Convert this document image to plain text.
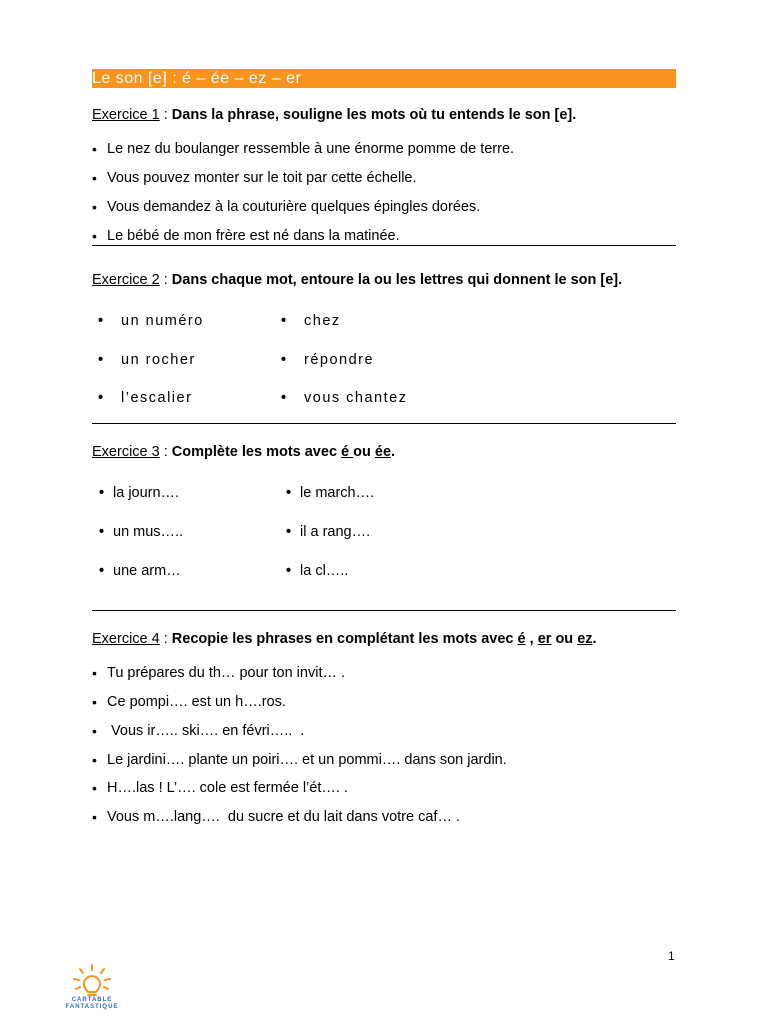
Le son [e] : é – ée – ez – er
Exercice 1 : Dans la phrase, souligne les mots où tu entends le son [e].
• Le nez du boulanger ressemble à une énorme pomme de terre.
• Vous pouvez monter sur le toit par cette échelle.
• Vous demandez à la couturière quelques épingles dorées.
• Le bébé de mon frère est né dans la matinée.
Exercice 2 : Dans chaque mot, entoure la ou les lettres qui donnent le son [e].
• un numéro
• un rocher
• l’escalier
• chez
• répondre
• vous chantez
Exercice 3 : Complète les mots avec é ou ée.
• la journ….
• un mus…..
• une arm…
• le march….
• il a rang….
• la cl…..
Exercice 4 : Recopie les phrases en complétant les mots avec é , er ou ez.
• Tu prépares du th… pour ton invit… .
• Ce pompi…. est un h….ros.
• Vous ir….. ski…. en févri…..  .
• Le jardini…. plante un poiri…. et un pommi…. dans son jardin.
• H….las ! L’…. cole est fermée l’ét…. .
• Vous m….lang….  du sucre et du lait dans votre caf… .
1
CARTABLE
FANTASTIQUE
